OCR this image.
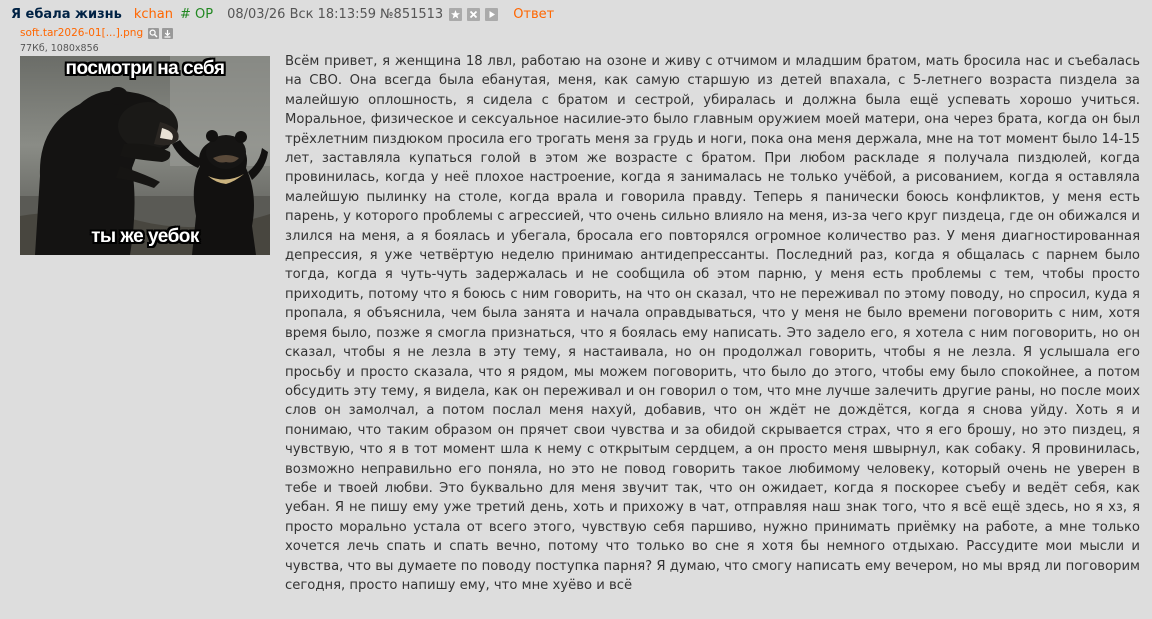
Я ебала жизнь kchan # OP 08/03/26 Вск 18:13:59 №851513	Ответ
soft.tar2026-01[...].png
77Кб, 1080x856
посмотри на себя
ты же уебок

Всём привет, я женщина 18 лвл, работаю на озоне и живу с отчимом и младшим братом, мать бросила нас и съебалась на СВО. Она всегда была ебанутая, меня, как самую старшую из детей впахала, с 5-летнего возраста пиздела за малейшую оплошность, я сидела с братом и сестрой, убиралась и должна была ещё успевать хорошо учиться. Моральное, физическое и сексуальное насилие-это было главным оружием моей матери, она через брата, когда он был трёхлетним пиздюком просила его трогать меня за грудь и ноги, пока она меня держала, мне на тот момент было 14-15 лет, заставляла купаться голой в этом же возрасте с братом. При любом раскладе я получала пиздюлей, когда провинилась, когда у неё плохое настроение, когда я занималась не только учёбой, а рисованием, когда я оставляла малейшую пылинку на столе, когда врала и говорила правду. Теперь я панически боюсь конфликтов, у меня есть парень, у которого проблемы с агрессией, что очень сильно влияло на меня, из-за чего круг пиздеца, где он обижался и злился на меня, а я боялась и убегала, бросала его повторялся огромное количество раз. У меня диагностированная депрессия, я уже четвёртую неделю принимаю антидепрессанты. Последний раз, когда я общалась с парнем было тогда, когда я чуть-чуть задержалась и не сообщила об этом парню, у меня есть проблемы с тем, чтобы просто приходить, потому что я боюсь с ним говорить, на что он сказал, что не переживал по этому поводу, но спросил, куда я пропала, я объяснила, чем была занята и начала оправдываться, что у меня не было времени поговорить с ним, хотя время было, позже я смогла признаться, что я боялась ему написать. Это задело его, я хотела с ним поговорить, но он сказал, чтобы я не лезла в эту тему, я настаивала, но он продолжал говорить, чтобы я не лезла. Я услышала его просьбу и просто сказала, что я рядом, мы можем поговорить, что было до этого, чтобы ему было спокойнее, а потом обсудить эту тему, я видела, как он переживал и он говорил о том, что мне лучше залечить другие раны, но после моих слов он замолчал, а потом послал меня нахуй, добавив, что он ждёт не дождётся, когда я снова уйду. Хоть я и понимаю, что таким образом он прячет свои чувства и за обидой скрывается страх, что я его брошу, но это пиздец, я чувствую, что я в тот момент шла к нему с открытым сердцем, а он просто меня швырнул, как собаку. Я провинилась, возможно неправильно его поняла, но это не повод говорить такое любимому человеку, который очень не уверен в тебе и твоей любви. Это буквально для меня звучит так, что он ожидает, когда я поскорее съебу и ведёт себя, как уебан. Я не пишу ему уже третий день, хоть и прихожу в чат, отправляя наш знак того, что я всё ещё здесь, но я хз, я просто морально устала от всего этого, чувствую себя паршиво, нужно принимать приёмку на работе, а мне только хочется лечь спать и спать вечно, потому что только во сне я хотя бы немного отдыхаю. Рассудите мои мысли и чувства, что вы думаете по поводу поступка парня? Я думаю, что смогу написать ему вечером, но мы вряд ли поговорим сегодня, просто напишу ему, что мне хуёво и всё
